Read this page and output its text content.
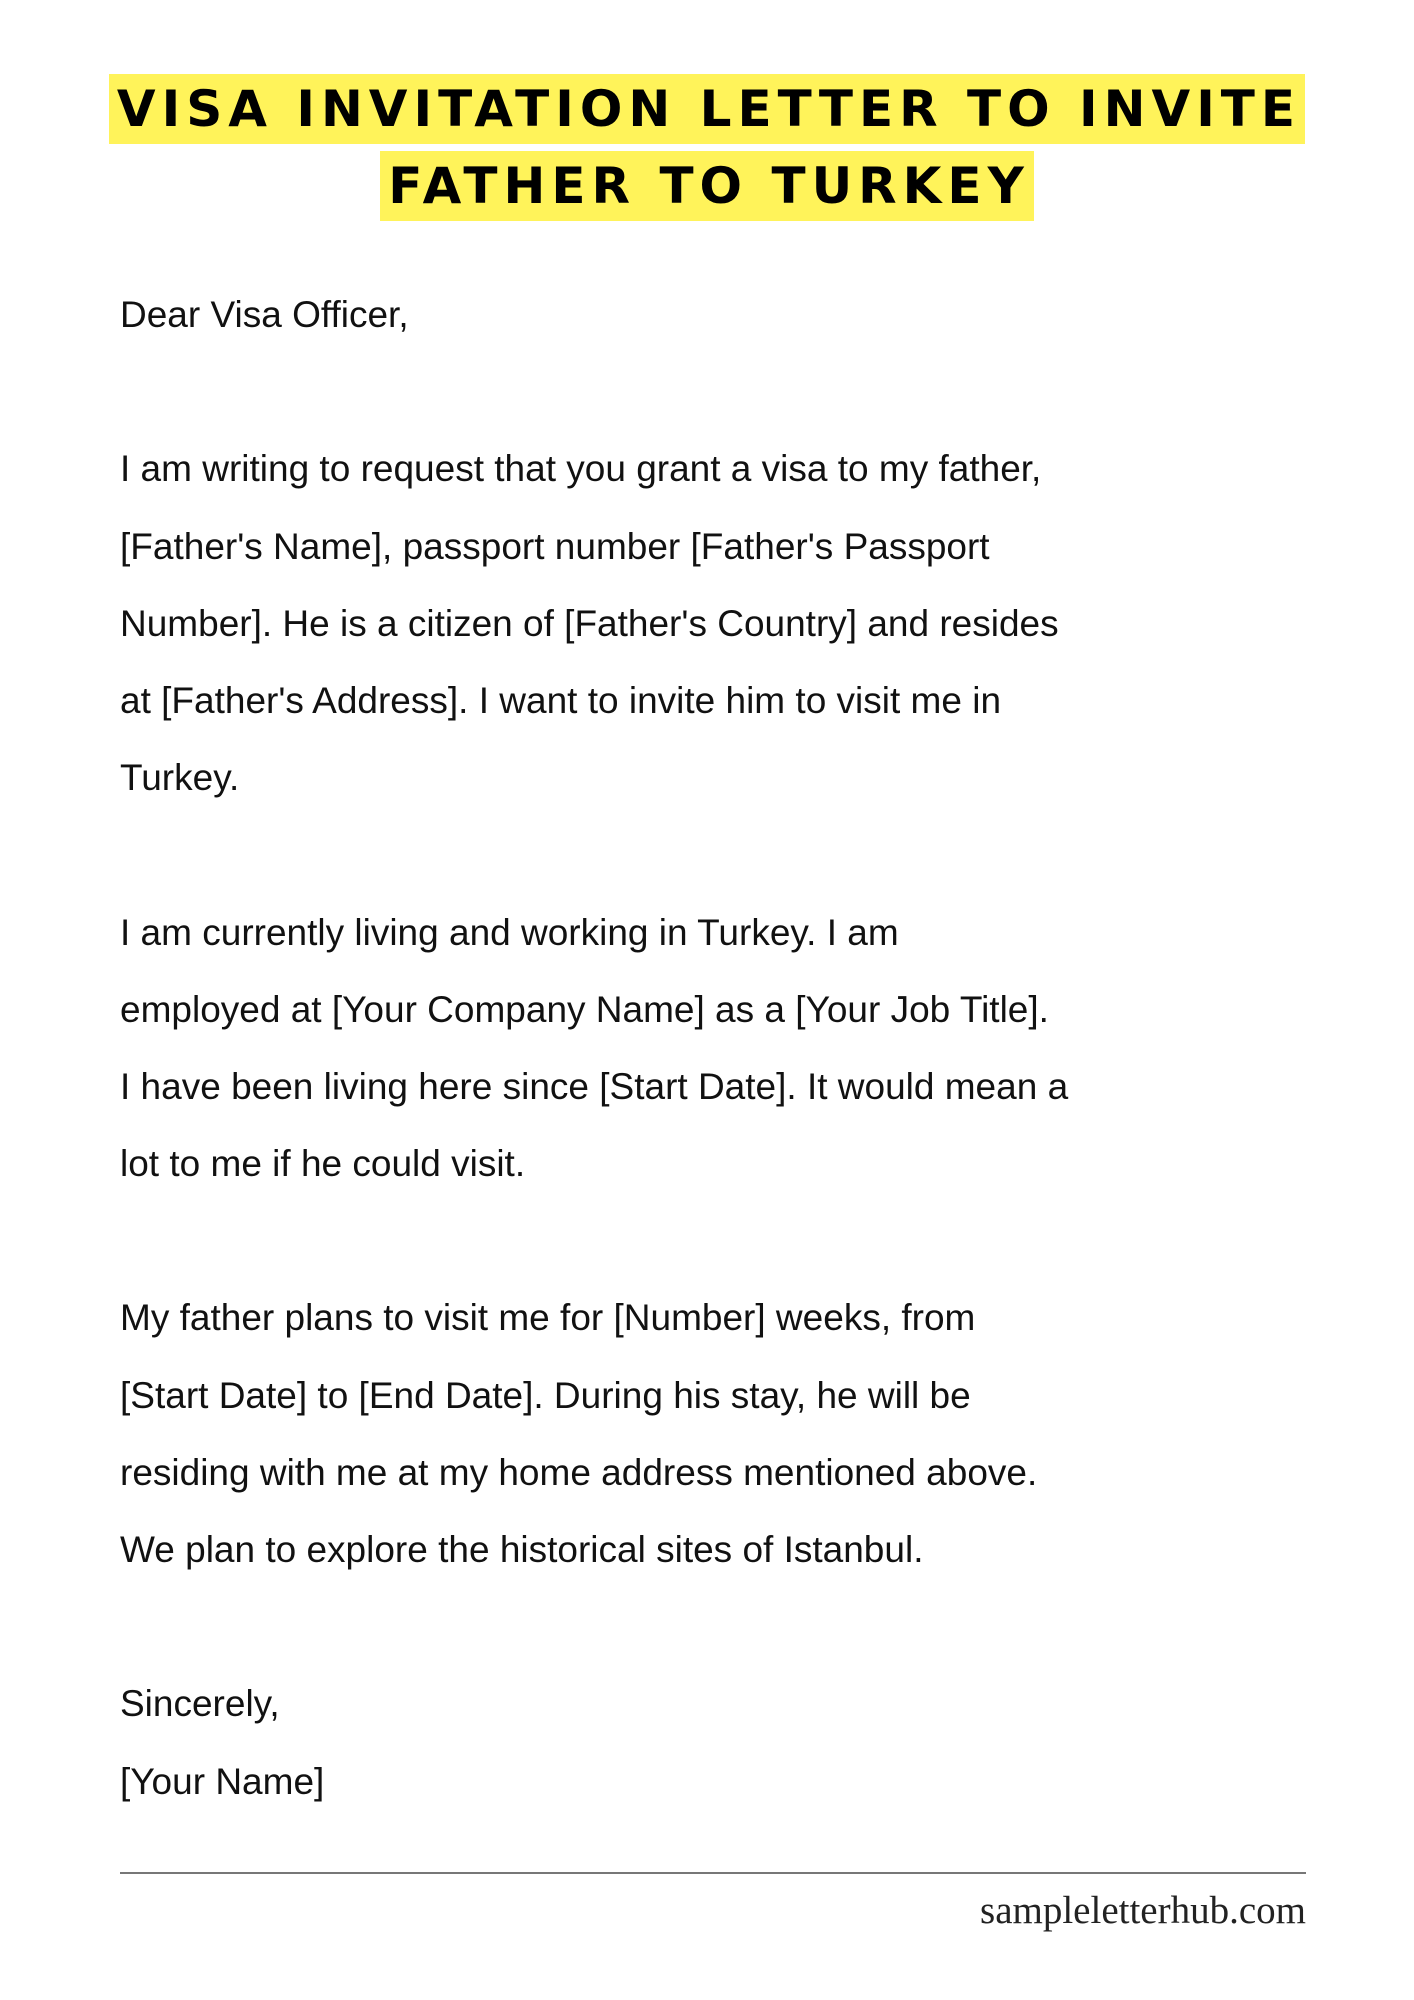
VISA INVITATION LETTER TO INVITE
FATHER TO TURKEY
Dear Visa Officer,
I am writing to request that you grant a visa to my father,
[Father's Name], passport number [Father's Passport
Number]. He is a citizen of [Father's Country] and resides
at [Father's Address]. I want to invite him to visit me in
Turkey.
I am currently living and working in Turkey. I am
employed at [Your Company Name] as a [Your Job Title].
I have been living here since [Start Date]. It would mean a
lot to me if he could visit.
My father plans to visit me for [Number] weeks, from
[Start Date] to [End Date]. During his stay, he will be
residing with me at my home address mentioned above.
We plan to explore the historical sites of Istanbul.
Sincerely,
[Your Name]
sampleletterhub.com
